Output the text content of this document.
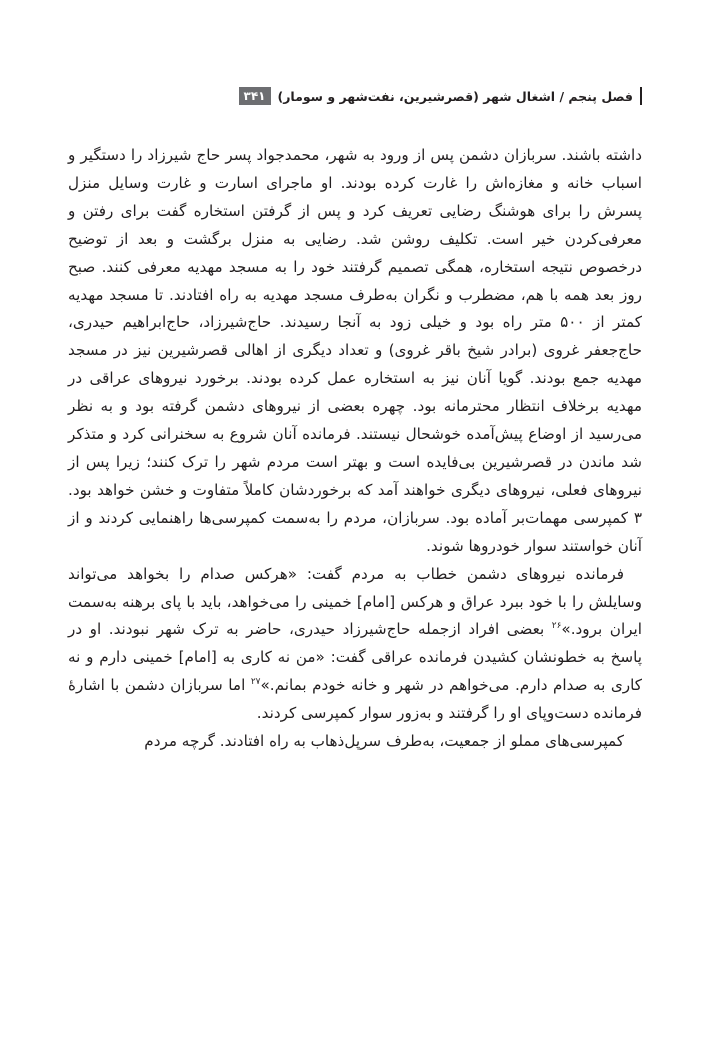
فصل پنجم /

اشغال شهر (قصرشیرین، نفت‌شهر و سومار)
۳۴۱

داشته باشند. سربازان دشمن پس از ورود به شهر، محمدجواد پسر حاج شیرزاد را دستگیر و اسباب خانه و مغازه‌اش را غارت کرده بودند. او ماجرای اسارت و غارت وسایل منزل پسرش را برای هوشنگ رضایی تعریف کرد و پس از گرفتن استخاره گفت برای رفتن و معرفی‌کردن خیر است. تکلیف روشن شد. رضایی به منزل برگشت و بعد از توضیح درخصوص نتیجه استخاره، همگی تصمیم گرفتند خود را به مسجد مهدیه معرفی کنند. صبح روز بعد همه با هم، مضطرب و نگران به‌طرف مسجد مهدیه به راه افتادند. تا مسجد مهدیه کمتر از ۵۰۰ متر راه بود و خیلی زود به آنجا رسیدند. حاج‌شیرزاد، حاج‌ابراهیم حیدری، حاج‌جعفر غروی (برادر شیخ باقر غروی) و تعداد دیگری از اهالی قصرشیرین نیز در مسجد مهدیه جمع بودند. گویا آنان نیز به استخاره عمل کرده بودند. برخورد نیروهای عراقی در مهدیه برخلاف انتظار محترمانه بود. چهره بعضی از نیروهای دشمن گرفته بود و به نظر می‌رسید از اوضاع پیش‌آمده خوشحال نیستند. فرمانده آنان شروع به سخنرانی کرد و متذکر شد ماندن در قصرشیرین بی‌فایده است و بهتر است مردم شهر را ترک کنند؛ زیرا پس از نیروهای فعلی، نیروهای دیگری خواهند آمد که برخوردشان کاملاً متفاوت و خشن خواهد بود. ۳ کمپرسی مهمات‌بر آماده بود. سربازان، مردم را به‌سمت کمپرسی‌ها راهنمایی کردند و از آنان خواستند سوار خودروها شوند.

فرمانده نیروهای دشمن خطاب به مردم گفت: «هرکس صدام را بخواهد می‌تواند وسایلش را با خود ببرد عراق و هرکس [امام] خمینی را می‌خواهد، باید با پای برهنه به‌سمت ایران برود.»$^{۲۶}$ بعضی افراد ازجمله حاج‌شیرزاد حیدری، حاضر به ترک شهر نبودند. او در پاسخ به خطونشان کشیدن فرمانده عراقی گفت: «من نه کاری به [امام] خمینی دارم و نه کاری به صدام دارم. می‌خواهم در شهر و خانه خودم بمانم.»$^{۲۷}$ اما سربازان دشمن با اشارهٔ فرمانده دست‌وپای او را گرفتند و به‌زور سوار کمپرسی کردند.

کمپرسی‌های مملو از جمعیت، به‌طرف سرپل‌ذهاب به راه افتادند. گرچه مردم
